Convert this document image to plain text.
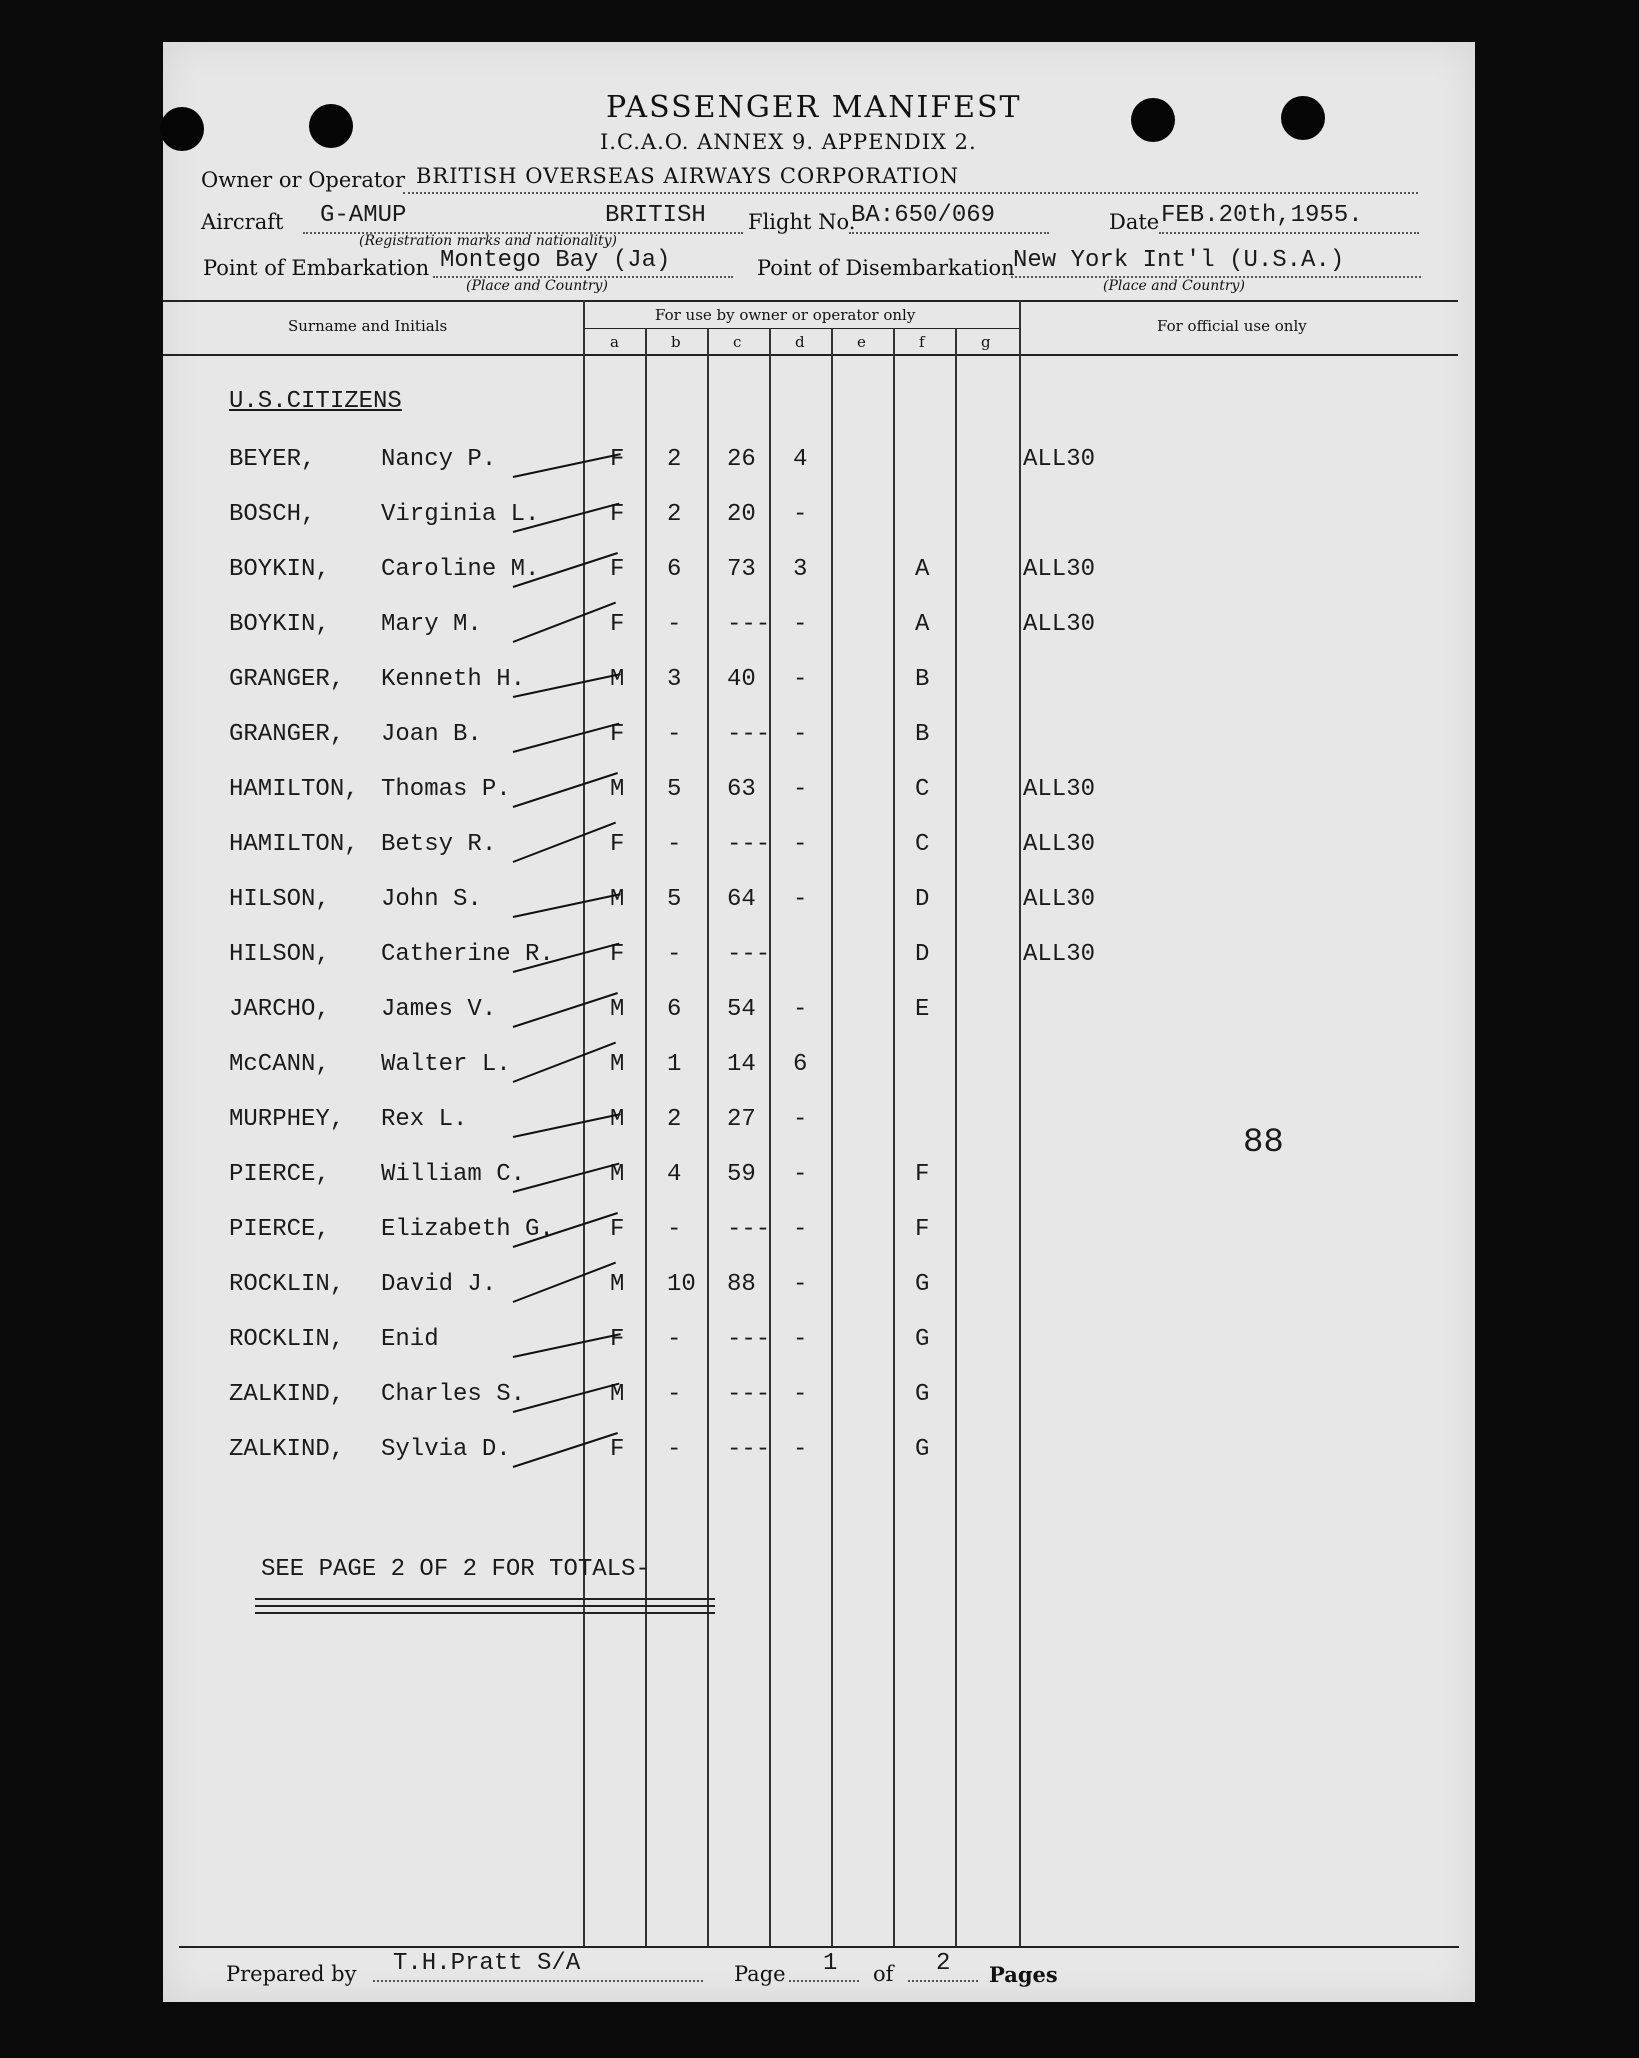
PASSENGER MANIFEST
I.C.A.O. ANNEX 9. APPENDIX 2.
Owner or Operator BRITISH OVERSEAS AIRWAYS CORPORATION
Aircraft G-AMUP	BRITISH
(Registration marks and nationality)
Flight No.
BA:650/069	Date FEB.20th,1955.
Point of Embarkation Montego Bay (Ja)
(Place and Country)
Point of Disembarkation
New York Int'l (U.S.A.)
(Place and Country)
Surname and Initials
For use by owner or operator only
For official use only
a	b	c	d	e	f	g
U.S.CITIZENS
BEYER,	Nancy P.	F 2 26 4	ALL30
BOSCH,	Virginia L.	F 2 20 -
BOYKIN, Caroline M.	F 6 73 3	A	ALL30
BOYKIN, Mary M.	F - --- -	A	ALL30
GRANGER, Kenneth H.	M 3 40 -	B
GRANGER, Joan B.	F - --- -	B
HAMILTON, Thomas P.	M 5 63 -	C	ALL30
HAMILTON, Betsy R.	F - --- -	C	ALL30
HILSON, John S.	M 5 64 -	D	ALL30
HILSON, Catherine R. F - ---	D	ALL30
JARCHO, James V.	M 6 54 -	E
McCANN, Walter L.	M 1 14 6
MURPHEY, Rex L.	M 2 27 -
PIERCE, William C.	M 4 59 -	F
PIERCE, Elizabeth G. F - --- -	F
ROCKLIN, David J.	M 10 88 -	G
ROCKLIN, Enid	F - --- -	G
ZALKIND, Charles S.	M - --- -	G
ZALKIND, Sylvia D.	F - --- -	G
88
SEE PAGE 2 OF 2 FOR TOTALS-
Prepared by T.H.Pratt S/A	Page 1 of 2 Pages
